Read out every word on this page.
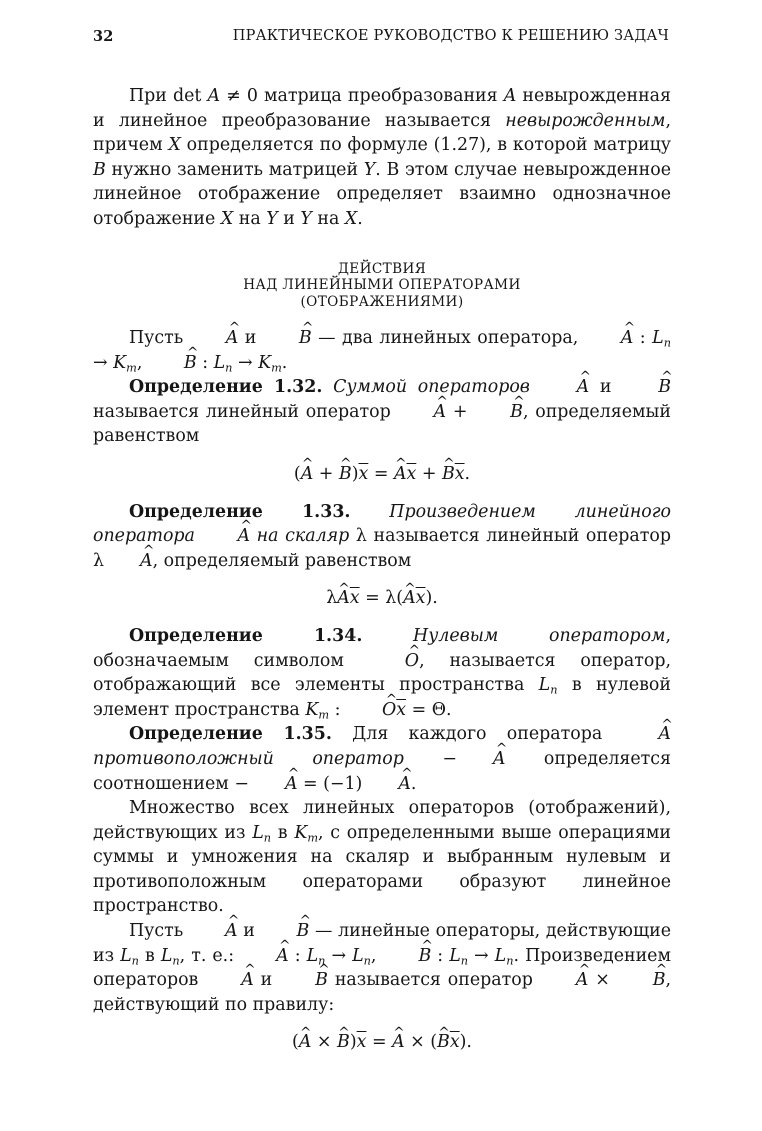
32	ПРАКТИЧЕСКОЕ РУКОВОДСТВО К РЕШЕНИЮ ЗАДАЧ

При det A ≠ 0 матрица преобразования A невырожденная и линейное преобразование называется невырожденным, причем X определяется по формуле (1.27), в которой матрицу B нужно заменить матрицей Y. В этом случае невырожденное линейное отображение определяет взаимно однозначное отображение X на Y и Y на X.

ДЕЙСТВИЯ
НАД ЛИНЕЙНЫМИ ОПЕРАТОРАМИ
(ОТОБРАЖЕНИЯМИ)

Пусть ^ A и ^ B — два линейных оператора, ^ A : $L_n \to K_m$, ^ B : $L_n \to K_m$.

Определение 1.32. Суммой операторов ^ A и ^ B называется линейный оператор ^ A + ^ B, определяемый равенством

(^ A + ^ $B)\overline{x}$ = ^ $A\overline{x}$ + ^ $B\overline{x}$.

Определение 1.33. Произведением линейного оператора ^ A на скаляр λ называется линейный оператор λ ^ A, определяемый равенством

λ^ $A\overline{x}$ = λ(^ $A\overline{x}$).

Определение 1.34. Нулевым оператором, обозначаемым символом ^ O, называется оператор, отображающий все элементы пространства $L_n$ в нулевой элемент пространства $K_m$ : ^ $O\overline{x} = \Theta$.

Определение 1.35. Для каждого оператора ^ A противоположный оператор − ^ A определяется соотношением − ^ A = (−1) ^ A.

Множество всех линейных операторов (отображений), действующих из $L_n$ в $K_m$, с определенными выше операциями суммы и умножения на скаляр и выбранным нулевым и противоположным операторами образуют линейное пространство.

Пусть ^ A и ^ B — линейные операторы, действующие из $L_n$ в $L_n$, т. е.: ^ A : $L_n \to L_n$, ^ B : $L_n \to L_n$. Произведением операторов ^ A и ^ B называется оператор ^ A × ^ B, действующий по правилу:

(^ A × ^ $B)\overline{x}$ = ^ A × (^ $B\overline{x}$).
